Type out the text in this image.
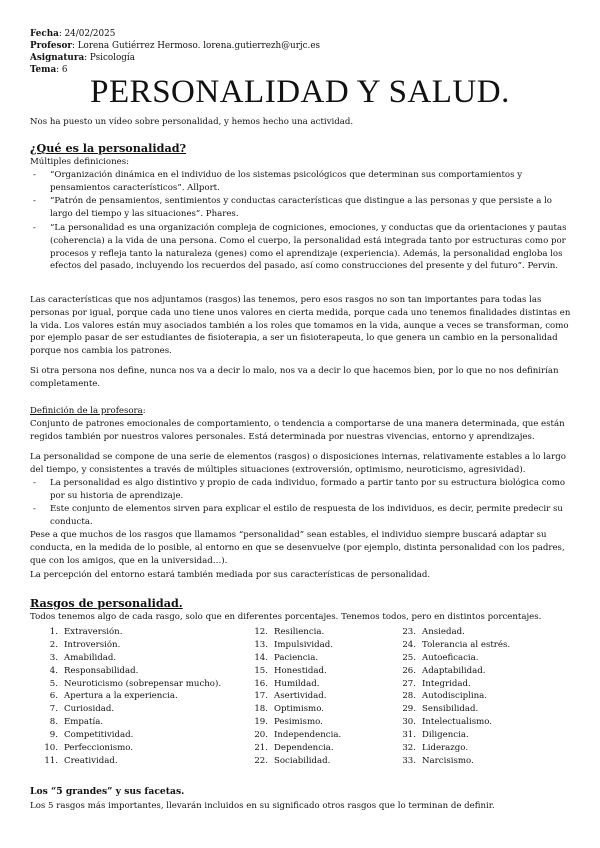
Fecha: 24/02/2025
Profesor: Lorena Gutiérrez Hermoso. lorena.gutierrezh@urjc.es
Asignatura: Psicología
Tema: 6
PERSONALIDAD Y SALUD.
Nos ha puesto un vídeo sobre personalidad, y hemos hecho una actividad.
¿Qué es la personalidad?
Múltiples definiciones:
- “Organización dinámica en el individuo de los sistemas psicológicos que determinan sus comportamientos y pensamientos característicos”. Allport.
- “Patrón de pensamientos, sentimientos y conductas características que distingue a las personas y que persiste a lo largo del tiempo y las situaciones”. Phares.
- “La personalidad es una organización compleja de cogniciones, emociones, y conductas que da orientaciones y pautas (coherencia) a la vida de una persona. Como el cuerpo, la personalidad está integrada tanto por estructuras como por procesos y refleja tanto la naturaleza (genes) como el aprendizaje (experiencia). Además, la personalidad engloba los efectos del pasado, incluyendo los recuerdos del pasado, así como construcciones del presente y del futuro”. Pervin.
Las características que nos adjuntamos (rasgos) las tenemos, pero esos rasgos no son tan importantes para todas las personas por igual, porque cada uno tiene unos valores en cierta medida, porque cada uno tenemos finalidades distintas en la vida. Los valores están muy asociados también a los roles que tomamos en la vida, aunque a veces se transforman, como por ejemplo pasar de ser estudiantes de fisioterapia, a ser un fisioterapeuta, lo que genera un cambio en la personalidad porque nos cambia los patrones.
Si otra persona nos define, nunca nos va a decir lo malo, nos va a decir lo que hacemos bien, por lo que no nos definirían completamente.
Definición de la profesora:
Conjunto de patrones emocionales de comportamiento, o tendencia a comportarse de una manera determinada, que están regidos también por nuestros valores personales. Está determinada por nuestras vivencias, entorno y aprendizajes.
La personalidad se compone de una serie de elementos (rasgos) o disposiciones internas, relativamente estables a lo largo del tiempo, y consistentes a través de múltiples situaciones (extroversión, optimismo, neuroticismo, agresividad).
- La personalidad es algo distintivo y propio de cada individuo, formado a partir tanto por su estructura biológica como por su historia de aprendizaje.
- Este conjunto de elementos sirven para explicar el estilo de respuesta de los individuos, es decir, permite predecir su conducta.
Pese a que muchos de los rasgos que llamamos “personalidad” sean estables, el individuo siempre buscará adaptar su conducta, en la medida de lo posible, al entorno en que se desenvuelve (por ejemplo, distinta personalidad con los padres, que con los amigos, que en la universidad…).
La percepción del entorno estará también mediada por sus características de personalidad.
Rasgos de personalidad.
Todos tenemos algo de cada rasgo, solo que en diferentes porcentajes. Tenemos todos, pero en distintos porcentajes.
1. Extraversión.
2. Introversión.
3. Amabilidad.
4. Responsabilidad.
5. Neuroticismo (sobrepensar mucho).
6. Apertura a la experiencia.
7. Curiosidad.
8. Empatía.
9. Competitividad.
10. Perfeccionismo.
11. Creatividad.
12. Resiliencia.
13. Impulsividad.
14. Paciencia.
15. Honestidad.
16. Humildad.
17. Asertividad.
18. Optimismo.
19. Pesimismo.
20. Independencia.
21. Dependencia.
22. Sociabilidad.
23. Ansiedad.
24. Tolerancia al estrés.
25. Autoeficacia.
26. Adaptabilidad.
27. Integridad.
28. Autodisciplina.
29. Sensibilidad.
30. Intelectualismo.
31. Diligencia.
32. Liderazgo.
33. Narcisismo.
Los “5 grandes” y sus facetas.
Los 5 rasgos más importantes, llevarán incluidos en su significado otros rasgos que lo terminan de definir.
